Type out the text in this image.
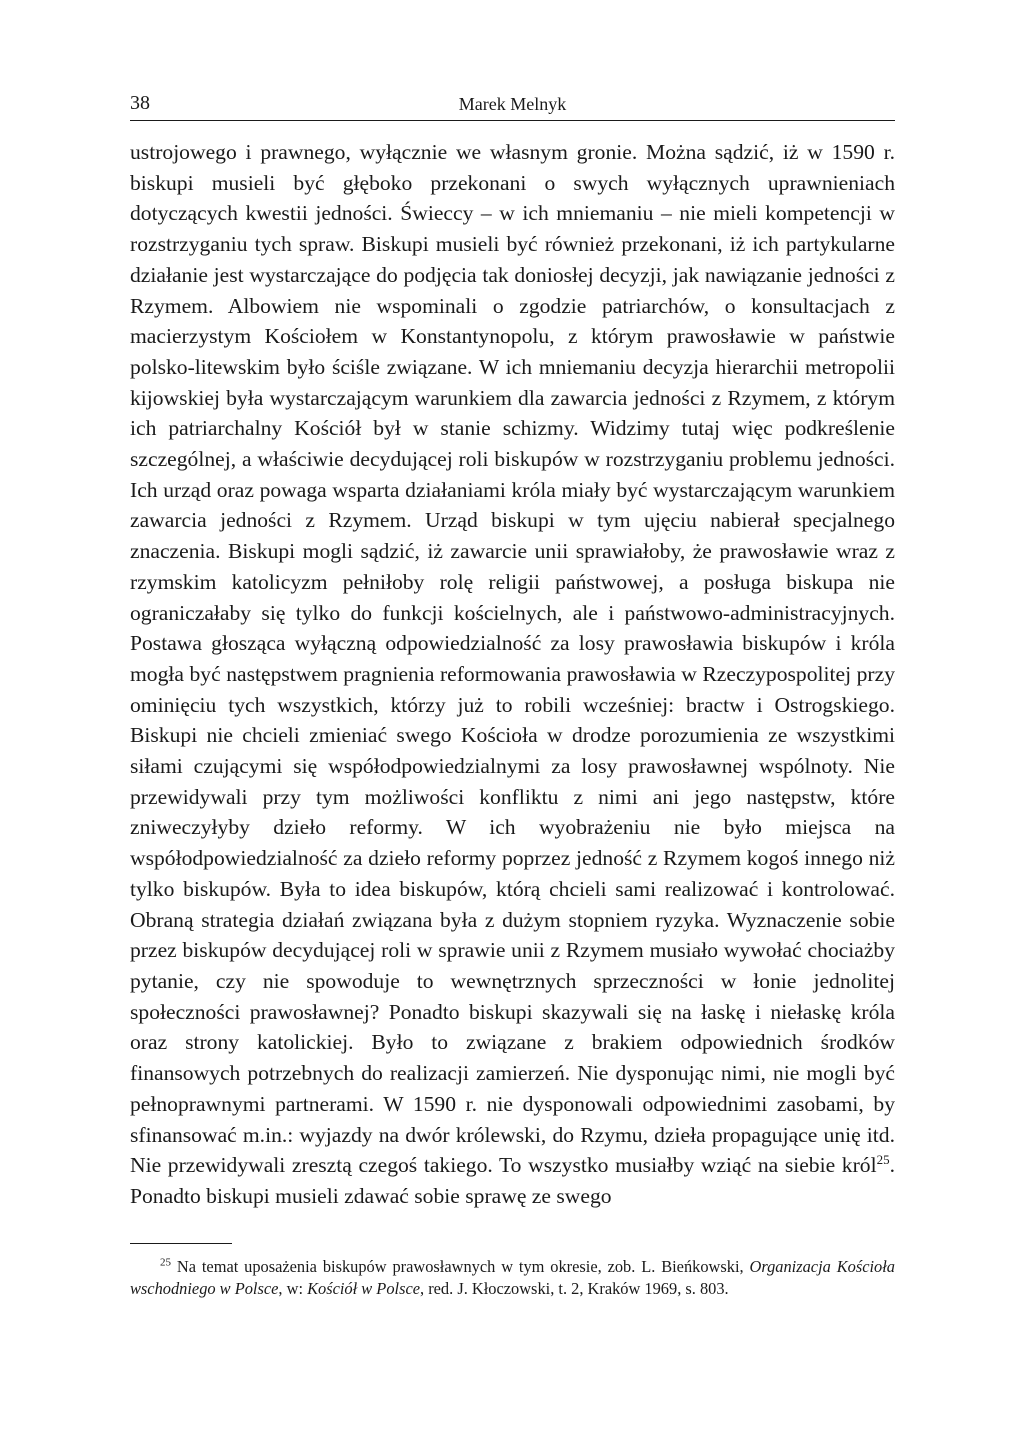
38	Marek Melnyk

ustrojowego i prawnego, wyłącznie we własnym gronie. Można sądzić, iż w 1590 r. biskupi musieli być głęboko przekonani o swych wyłącznych uprawnieniach dotyczących kwestii jedności. Świeccy – w ich mniemaniu – nie mieli kompetencji w rozstrzyganiu tych spraw. Biskupi musieli być również przekonani, iż ich partykularne działanie jest wystarczające do podjęcia tak doniosłej decyzji, jak nawiązanie jedności z Rzymem. Albowiem nie wspominali o zgodzie patriarchów, o konsultacjach z macierzystym Kościołem w Konstantynopolu, z którym prawosławie w państwie polsko-litewskim było ściśle związane. W ich mniemaniu decyzja hierarchii metropolii kijowskiej była wystarczającym warunkiem dla zawarcia jedności z Rzymem, z którym ich patriarchalny Kościół był w stanie schizmy. Widzimy tutaj więc podkreślenie szczególnej, a właściwie decydującej roli biskupów w rozstrzyganiu problemu jedności. Ich urząd oraz powaga wsparta działaniami króla miały być wystarczającym warunkiem zawarcia jedności z Rzymem. Urząd biskupi w tym ujęciu nabierał specjalnego znaczenia. Biskupi mogli sądzić, iż zawarcie unii sprawiałoby, że prawosławie wraz z rzymskim katolicyzm pełniłoby rolę religii państwowej, a posługa biskupa nie ograniczałaby się tylko do funkcji kościelnych, ale i państwowo-administracyjnych. Postawa głosząca wyłączną odpowiedzialność za losy prawosławia biskupów i króla mogła być następstwem pragnienia reformowania prawosławia w Rzeczypospolitej przy ominięciu tych wszystkich, którzy już to robili wcześniej: bractw i Ostrogskiego. Biskupi nie chcieli zmieniać swego Kościoła w drodze porozumienia ze wszystkimi siłami czującymi się współodpowiedzialnymi za losy prawosławnej wspólnoty. Nie przewidywali przy tym możliwości konfliktu z nimi ani jego następstw, które zniweczyłyby dzieło reformy. W ich wyobrażeniu nie było miejsca na współodpowiedzialność za dzieło reformy poprzez jedność z Rzymem kogoś innego niż tylko biskupów. Była to idea biskupów, którą chcieli sami realizować i kontrolować. Obraną strategia działań związana była z dużym stopniem ryzyka. Wyznaczenie sobie przez biskupów decydującej roli w sprawie unii z Rzymem musiało wywołać chociażby pytanie, czy nie spowoduje to wewnętrznych sprzeczności w łonie jednolitej społeczności prawosławnej? Ponadto biskupi skazywali się na łaskę i niełaskę króla oraz strony katolickiej. Było to związane z brakiem odpowiednich środków finansowych potrzebnych do realizacji zamierzeń. Nie dysponując nimi, nie mogli być pełnoprawnymi partnerami. W 1590 r. nie dysponowali odpowiednimi zasobami, by sfinansować m.in.: wyjazdy na dwór królewski, do Rzymu, dzieła propagujące unię itd. Nie przewidywali zresztą czegoś takiego. To wszystko musiałby wziąć na siebie król$^{25}$. Ponadto biskupi musieli zdawać sobie sprawę ze swego

$^{25}$ Na temat uposażenia biskupów prawosławnych w tym okresie, zob. L. Bieńkowski, Organizacja Kościoła wschodniego w Polsce, w: Kościół w Polsce, red. J. Kłoczowski, t. 2, Kraków 1969, s. 803.
